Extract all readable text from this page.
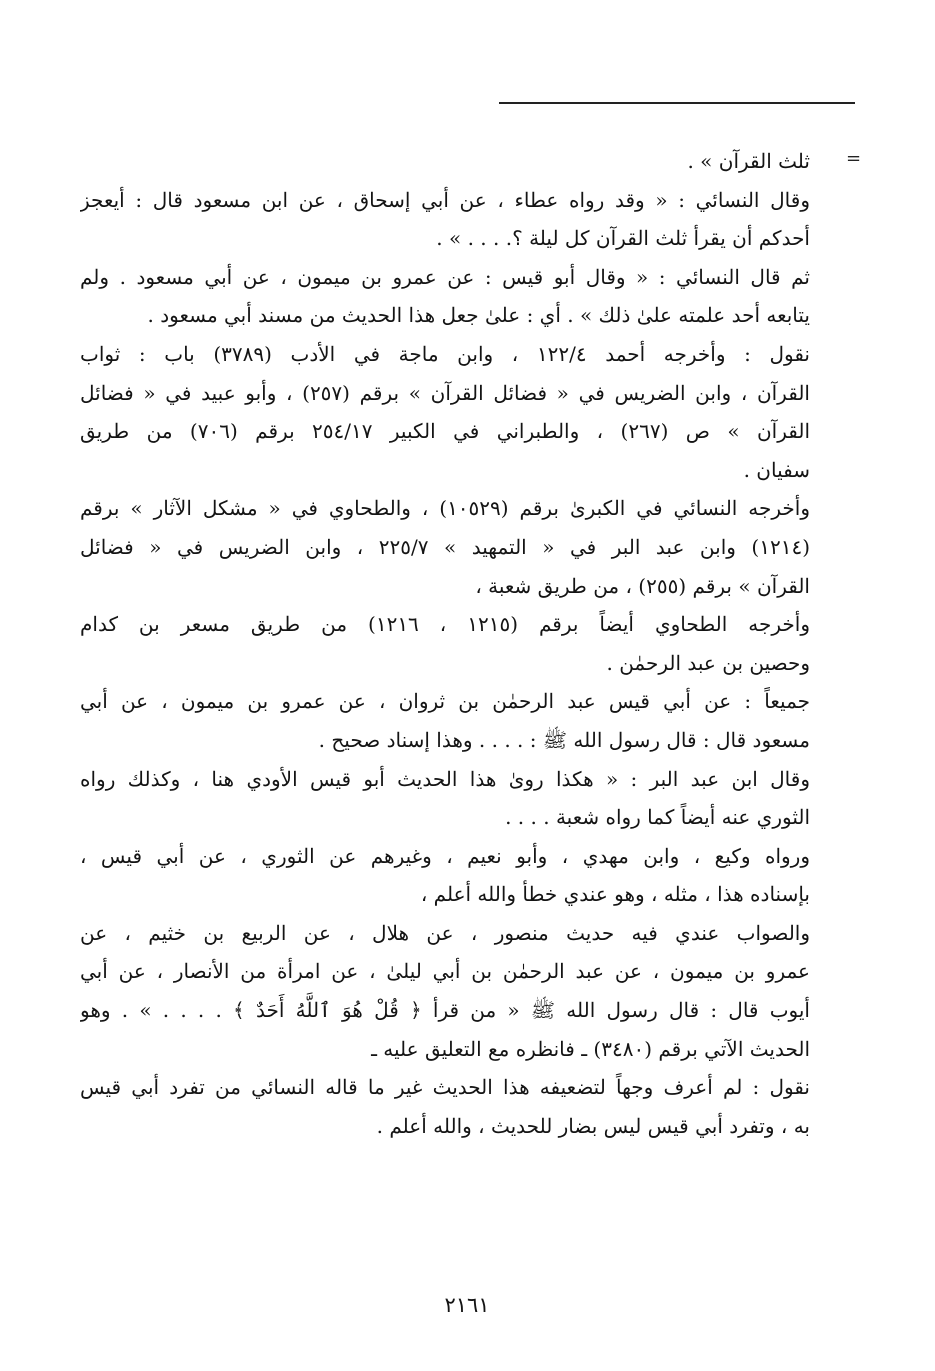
=
ثلث القرآن » .
وقال النسائي : « وقد رواه عطاء ، عن أبي إسحاق ، عن ابن مسعود قال : أيعجز
أحدكم أن يقرأ ثلث القرآن كل ليلة ؟. . . . » .
ثم قال النسائي : « وقال أبو قيس : عن عمرو بن ميمون ، عن أبي مسعود . ولم
يتابعه أحد علمته علىٰ ذلك » . أي : علىٰ جعل هذا الحديث من مسند أبي مسعود .
نقول : وأخرجه أحمد ١٢٢/٤ ، وابن ماجة في الأدب (٣٧٨٩) باب : ثواب
القرآن ، وابن الضريس في « فضائل القرآن » برقم (٢٥٧) ، وأبو عبيد في « فضائل
القرآن » ص (٢٦٧) ، والطبراني في الكبير ٢٥٤/١٧ برقم (٧٠٦) من طريق
سفيان .
وأخرجه النسائي في الكبرىٰ برقم (١٠٥٢٩) ، والطحاوي في « مشكل الآثار » برقم
(١٢١٤) وابن عبد البر في « التمهيد » ٢٢٥/٧ ، وابن الضريس في « فضائل
القرآن » برقم (٢٥٥) ، من طريق شعبة ،
وأخرجه الطحاوي أيضاً برقم (١٢١٥ ، ١٢١٦) من طريق مسعر بن كدام
وحصين بن عبد الرحمٰن .
جميعاً : عن أبي قيس عبد الرحمٰن بن ثروان ، عن عمرو بن ميمون ، عن أبي
مسعود قال : قال رسول الله ﷺ : . . . . وهذا إسناد صحيح .
وقال ابن عبد البر : « هكذا روىٰ هذا الحديث أبو قيس الأودي هنا ، وكذلك رواه
الثوري عنه أيضاً كما رواه شعبة . . . .
ورواه وكيع ، وابن مهدي ، وأبو نعيم ، وغيرهم عن الثوري ، عن أبي قيس ،
بإسناده هذا ، مثله ، وهو عندي خطأ والله أعلم ،
والصواب عندي فيه حديث منصور ، عن هلال ، عن الربيع بن خثيم ، عن
عمرو بن ميمون ، عن عبد الرحمٰن بن أبي ليلىٰ ، عن امرأة من الأنصار ، عن أبي
أيوب قال : قال رسول الله ﷺ « من قرأ ﴿ قُلْ هُوَ ٱللَّهُ أَحَدٌ ﴾ . . . . » . وهو
الحديث الآتي برقم (٣٤٨٠) ـ فانظره مع التعليق عليه ـ
نقول : لم أعرف وجهاً لتضعيفه هذا الحديث غير ما قاله النسائي من تفرد أبي قيس
به ، وتفرد أبي قيس ليس بضار للحديث ، والله أعلم .
٢١٦١
